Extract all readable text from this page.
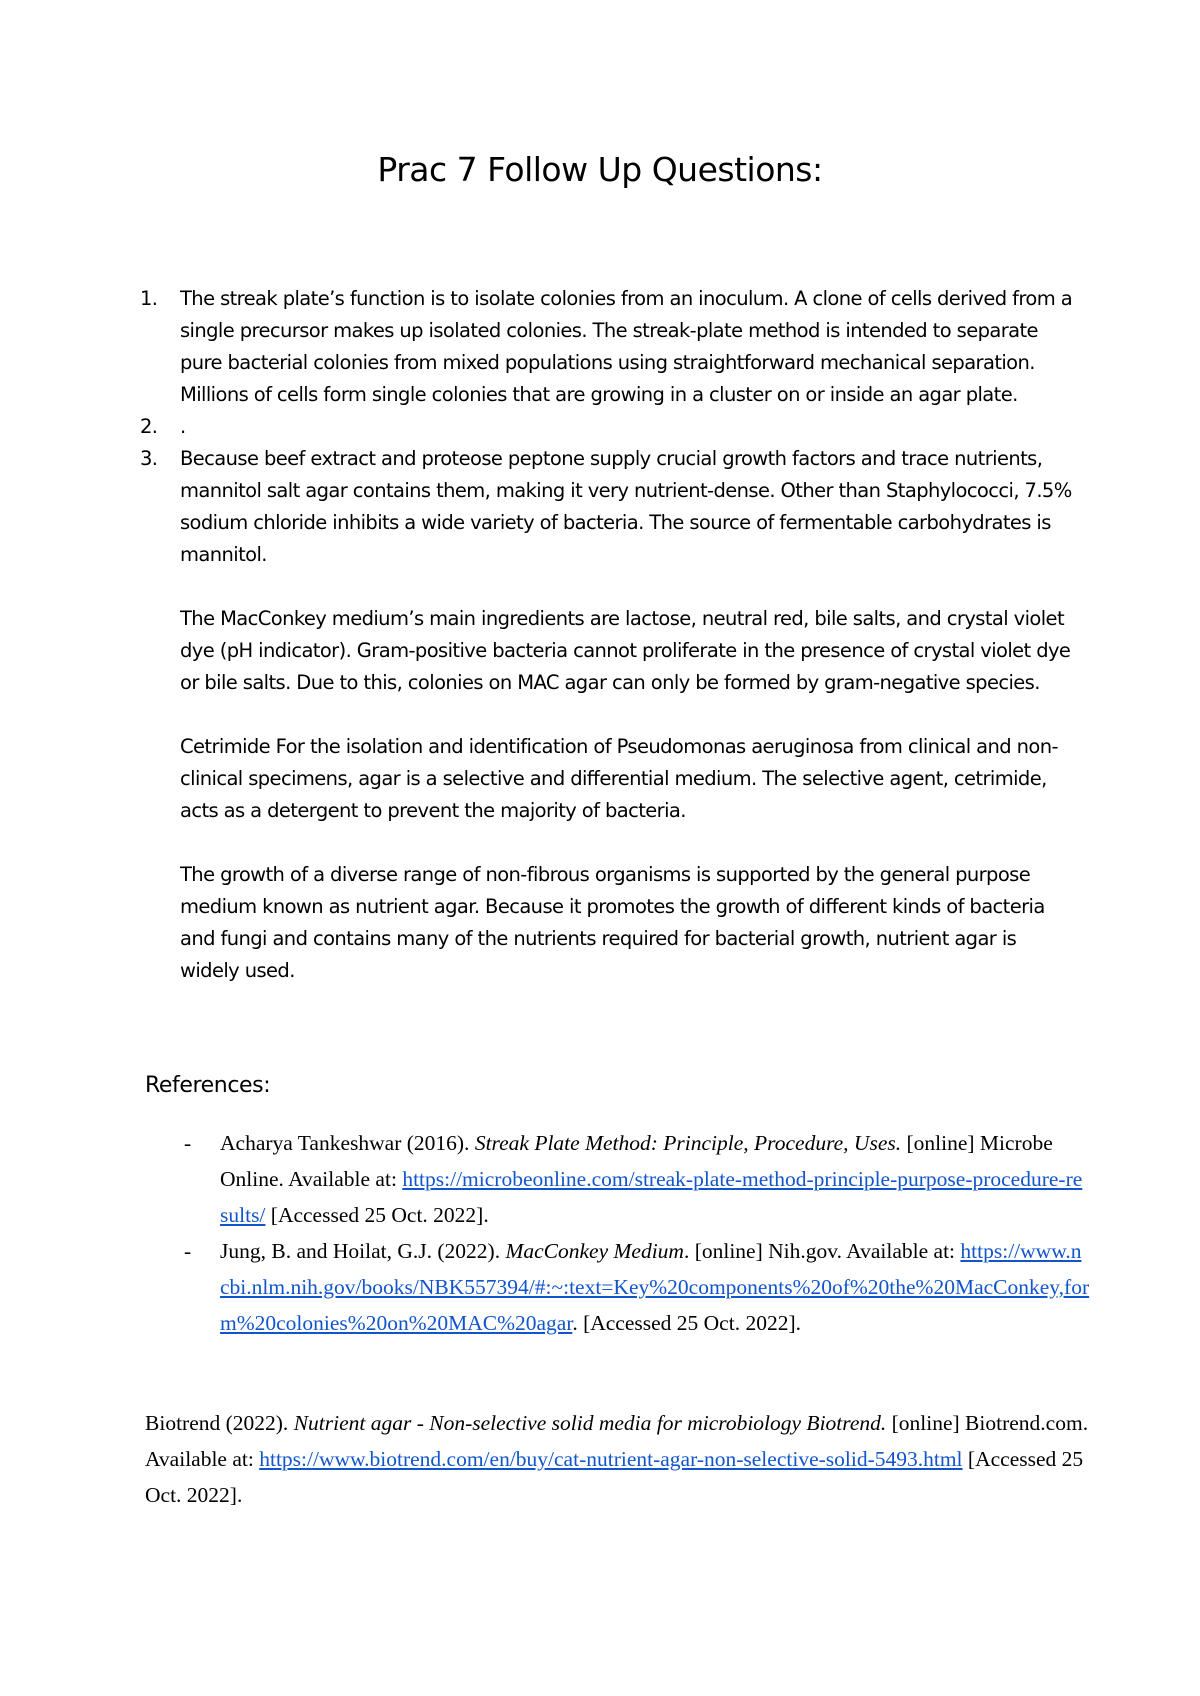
Prac 7 Follow Up Questions:
1.	The streak plate’s function is to isolate colonies from an inoculum. A clone of cells derived from a single precursor makes up isolated colonies. The streak-plate method is intended to separate pure bacterial colonies from mixed populations using straightforward mechanical separation. Millions of cells form single colonies that are growing in a cluster on or inside an agar plate.

2.	.

3.	Because beef extract and proteose peptone supply crucial growth factors and trace nutrients, mannitol salt agar contains them, making it very nutrient-dense. Other than Staphylococci, 7.5% sodium chloride inhibits a wide variety of bacteria. The source of fermentable carbohydrates is mannitol.

The MacConkey medium’s main ingredients are lactose, neutral red, bile salts, and crystal violet dye (pH indicator). Gram-positive bacteria cannot proliferate in the presence of crystal violet dye or bile salts. Due to this, colonies on MAC agar can only be formed by gram-negative species.

Cetrimide For the isolation and identification of Pseudomonas aeruginosa from clinical and non-clinical specimens, agar is a selective and differential medium. The selective agent, cetrimide, acts as a detergent to prevent the majority of bacteria.

The growth of a diverse range of non-fibrous organisms is supported by the general purpose medium known as nutrient agar. Because it promotes the growth of different kinds of bacteria and fungi and contains many of the nutrients required for bacterial growth, nutrient agar is widely used.

References:
- Acharya Tankeshwar (2016). Streak Plate Method: Principle, Procedure, Uses. [online] Microbe Online. Available at: https://microbeonline.com/streak-plate-method-principle-purpose-procedure-results/ [Accessed 25 Oct. 2022].
- Jung, B. and Hoilat, G.J. (2022). MacConkey Medium. [online] Nih.gov. Available at: https://www.ncbi.nlm.nih.gov/books/NBK557394/#:~:text=Key%20components%20of%20the%20MacConkey,form%20colonies%20on%20MAC%20agar. [Accessed 25 Oct. 2022].
Biotrend (2022). Nutrient agar - Non-selective solid media for microbiology Biotrend. [online] Biotrend.com. Available at: https://www.biotrend.com/en/buy/cat-nutrient-agar-non-selective-solid-5493.html [Accessed 25 Oct. 2022].
